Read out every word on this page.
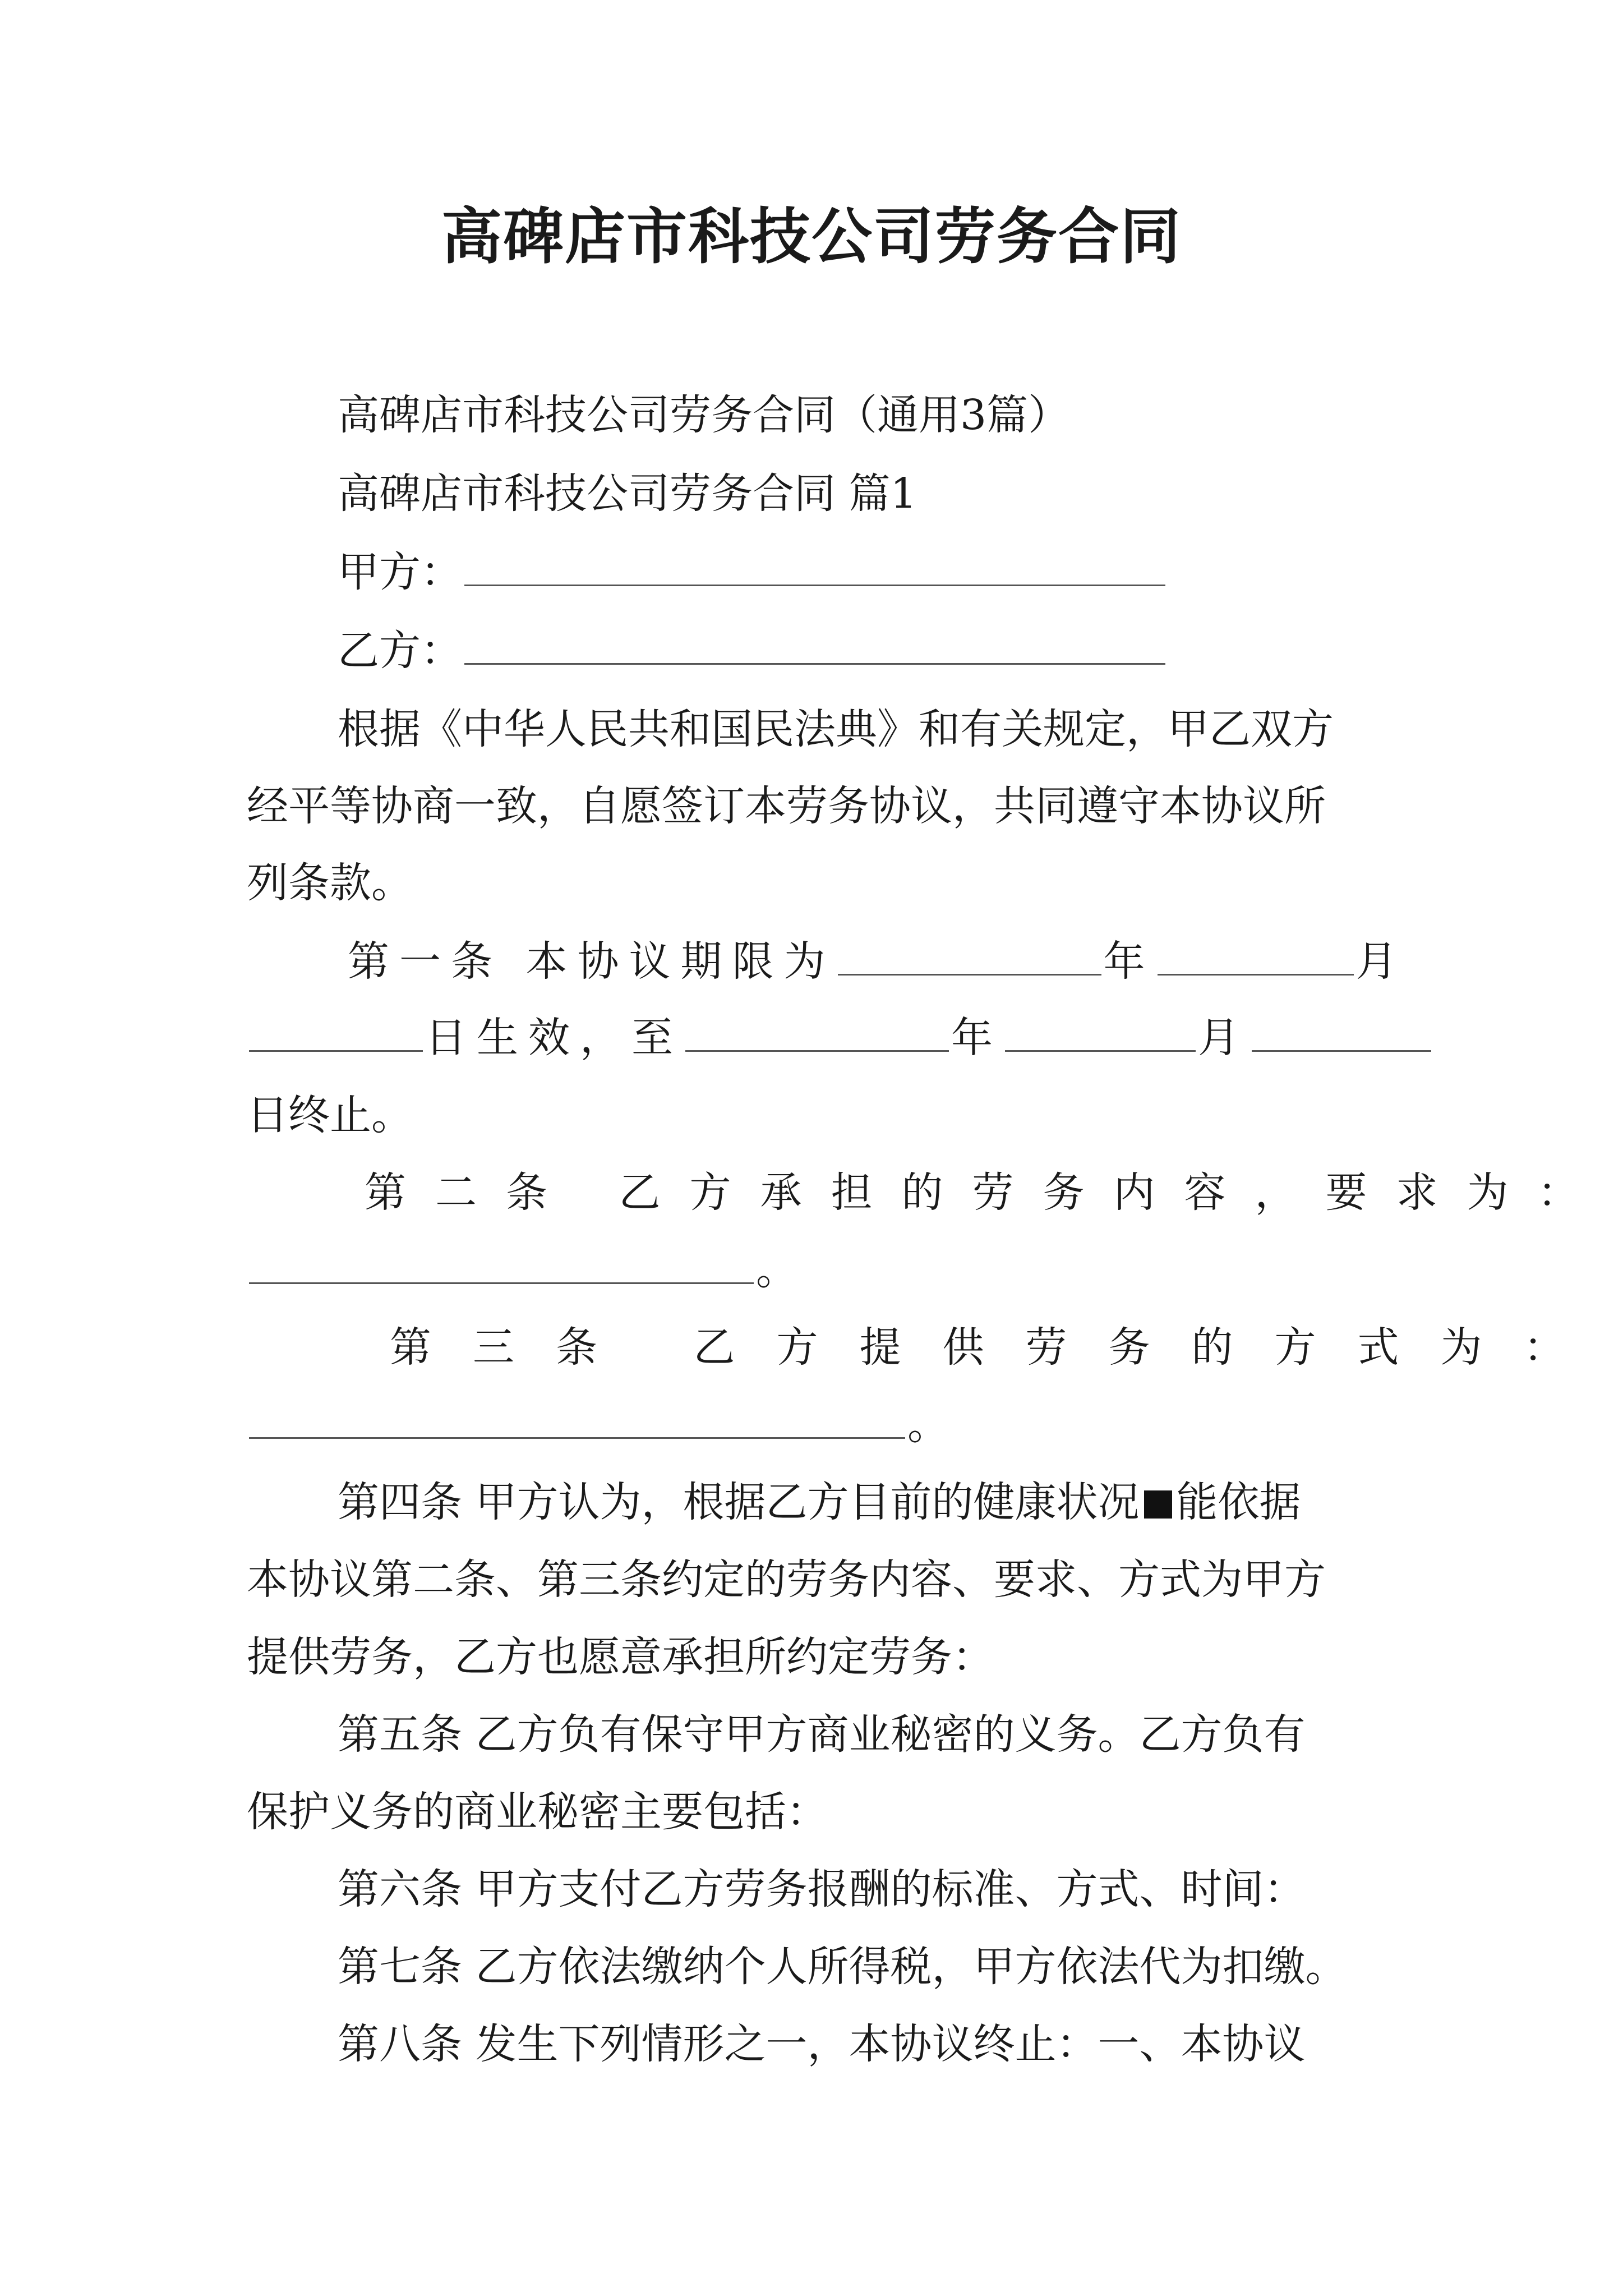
高碑店市科技公司劳务合同
高碑店市科技公司劳务合同（通用3篇）
高碑店市科技公司劳务合同 篇1
甲方：
乙方：
根据《中华人民共和国民法典》和有关规定，甲乙双方
经平等协商一致，自愿签订本劳务协议，共同遵守本协议所
列条款。
第一条 本协议期限为	年	月
日生效，至	年	月
日终止。
第二条 乙方承担的劳务内容，要求为：
。
第三条 乙方提供劳务的方式为：
。
第四条 甲方认为，根据乙方目前的健康状况 能依据
本协议第二条、第三条约定的劳务内容、要求、方式为甲方
提供劳务，乙方也愿意承担所约定劳务：
第五条 乙方负有保守甲方商业秘密的义务。乙方负有
保护义务的商业秘密主要包括：
第六条 甲方支付乙方劳务报酬的标准、方式、时间：
第七条 乙方依法缴纳个人所得税，甲方依法代为扣缴。
第八条 发生下列情形之一，本协议终止：一、本协议
